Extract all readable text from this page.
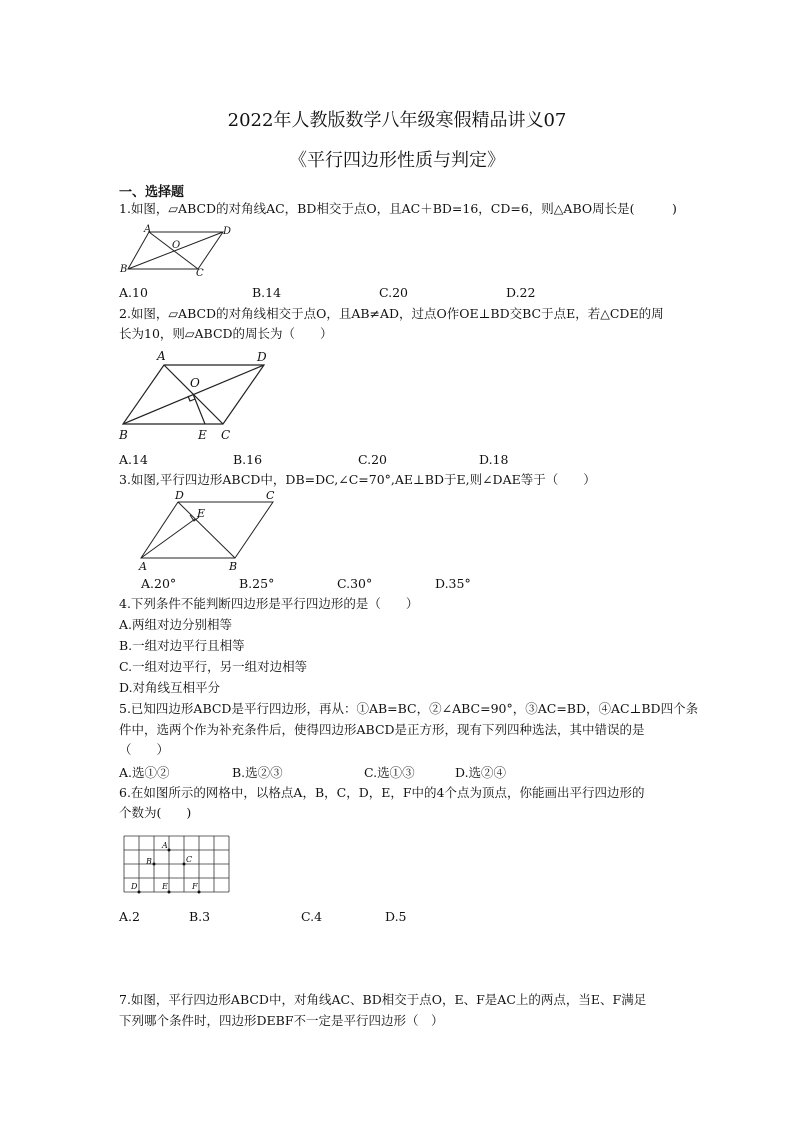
2022年人教版数学八年级寒假精品讲义07
《平行四边形性质与判定》
一、选择题
1.如图，▱ABCD的对角线AC，BD相交于点O，且AC＋BD=16，CD=6，则△ABO周长是(　　　)
A	D
O
B	C
A.10	B.14	C.20	D.22
2.如图，▱ABCD的对角线相交于点O，且AB≠AD，过点O作OE⊥BD交BC于点E，若△CDE的周
长为10，则▱ABCD的周长为（　　）
A	D
O
B	E C
A.14	B.16	C.20	D.18
3.如图,平行四边形ABCD中，DB=DC,∠C=70°,AE⊥BD于E,则∠DAE等于（　　）
D	C
E
A	B
A.20°	B.25°	C.30°	D.35°
4.下列条件不能判断四边形是平行四边形的是（　　）
A.两组对边分别相等
B.一组对边平行且相等
C.一组对边平行，另一组对边相等
D.对角线互相平分
5.已知四边形ABCD是平行四边形，再从：①AB=BC，②∠ABC=90°，③AC=BD，④AC⊥BD四个条
件中，选两个作为补充条件后，使得四边形ABCD是正方形，现有下列四种选法，其中错误的是
（　　）
A.选①②	B.选②③	C.选①③	D.选②④
6.在如图所示的网格中，以格点A，B，C，D，E，F中的4个点为顶点，你能画出平行四边形的
个数为(　　)
A
B	C
D	E	F
A.2	B.3	C.4	D.5
7.如图，平行四边形ABCD中，对角线AC、BD相交于点O，E、F是AC上的两点，当E、F满足
下列哪个条件时，四边形DEBF不一定是平行四边形（　）
